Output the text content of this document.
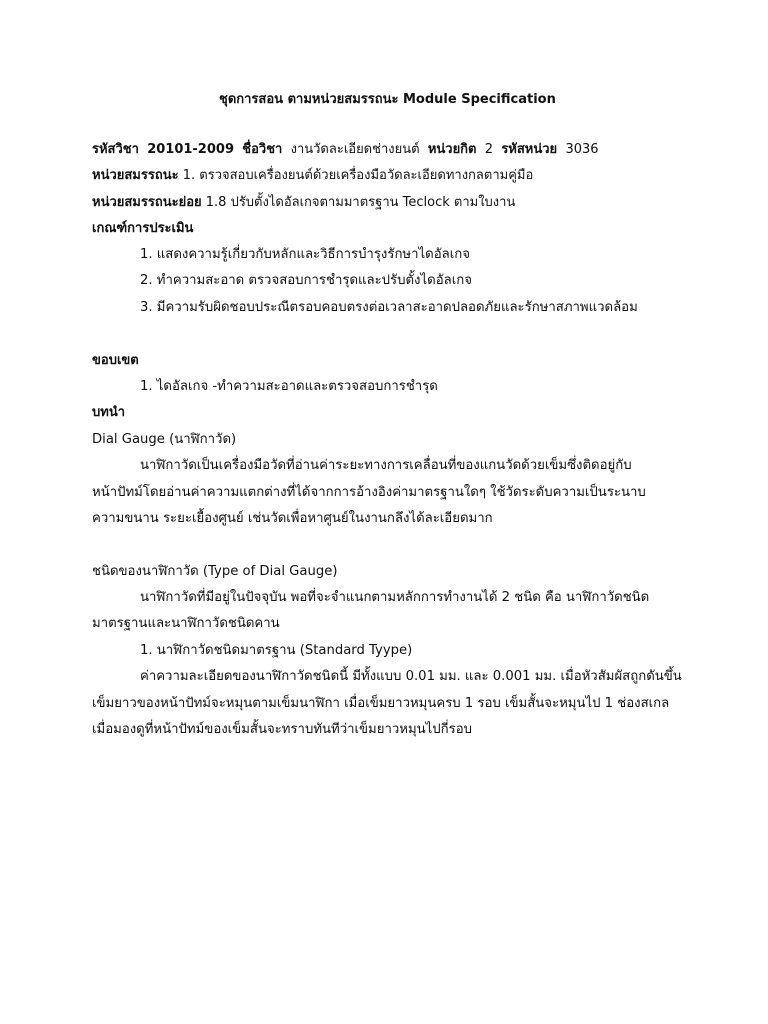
ชุดการสอน ตามหน่วยสมรรถนะ Module Specification
รหัสวิชา 20101-2009 ชื่อวิชา งานวัดละเอียดช่างยนต์ หน่วยกิต 2 รหัสหน่วย 3036
หน่วยสมรรถนะ 1. ตรวจสอบเครื่องยนต์ด้วยเครื่องมือวัดละเอียดทางกลตามคู่มือ
หน่วยสมรรถนะย่อย 1.8 ปรับตั้งไดอัลเกจตามมาตรฐาน Teclock ตามใบงาน
เกณฑ์การประเมิน
1. แสดงความรู้เกี่ยวกับหลักและวิธีการบำรุงรักษาไดอัลเกจ
2. ทำความสะอาด ตรวจสอบการชำรุดและปรับตั้งไดอัลเกจ
3. มีความรับผิดชอบประณีตรอบคอบตรงต่อเวลาสะอาดปลอดภัยและรักษาสภาพแวดล้อม
ขอบเขต
1. ไดอัลเกจ -ทำความสะอาดและตรวจสอบการชำรุด
บทนำ
Dial Gauge (นาฬิกาวัด)
นาฬิกาวัดเป็นเครื่องมือวัดที่อ่านค่าระยะทางการเคลื่อนที่ของแกนวัดด้วยเข็มซึ่งติดอยู่กับ
หน้าปัทม์โดยอ่านค่าความแตกต่างที่ได้จากการอ้างอิงค่ามาตรฐานใดๆ ใช้วัดระดับความเป็นระนาบ
ความขนาน ระยะเยื้องศูนย์ เช่นวัดเพื่อหาศูนย์ในงานกลึงได้ละเอียดมาก
ชนิดของนาฬิกาวัด (Type of Dial Gauge)
นาฬิกาวัดที่มีอยู่ในปัจจุบัน พอที่จะจำแนกตามหลักการทำงานได้ 2 ชนิด คือ นาฬิกาวัดชนิด
มาตรฐานและนาฬิกาวัดชนิดคาน
1. นาฬิกาวัดชนิดมาตรฐาน (Standard Tyype)
ค่าความละเอียดของนาฬิกาวัดชนิดนี้ มีทั้งแบบ 0.01 มม. และ 0.001 มม. เมื่อหัวสัมผัสถูกดันขึ้น
เข็มยาวของหน้าปัทม์จะหมุนตามเข็มนาฬิกา เมื่อเข็มยาวหมุนครบ 1 รอบ เข็มสั้นจะหมุนไป 1 ช่องสเกล
เมื่อมองดูที่หน้าปัทม์ของเข็มสั้นจะทราบทันทีว่าเข็มยาวหมุนไปกี่รอบ
